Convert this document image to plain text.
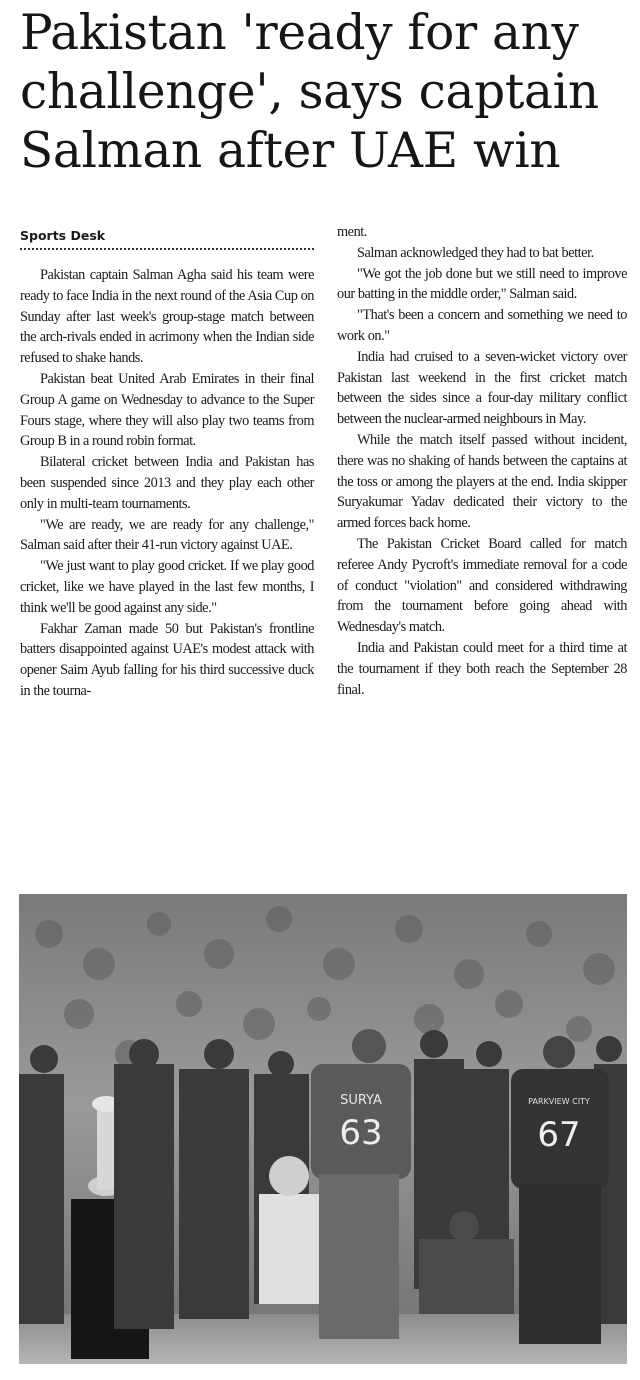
Pakistan 'ready for any challenge', says captain Salman after UAE win
Sports Desk

Pakistan captain Salman Agha said his team were ready to face India in the next round of the Asia Cup on Sunday after last week's group-stage match between the arch-rivals ended in acrimony when the Indian side refused to shake hands.

Pakistan beat United Arab Emirates in their final Group A game on Wednesday to advance to the Super Fours stage, where they will also play two teams from Group B in a round robin format.

Bilateral cricket between India and Pakistan has been suspended since 2013 and they play each other only in multi-team tournaments.

"We are ready, we are ready for any challenge," Salman said after their 41-run victory against UAE.

"We just want to play good cricket. If we play good cricket, like we have played in the last few months, I think we'll be good against any side."

Fakhar Zaman made 50 but Pakistan's frontline batters disappointed against UAE's modest attack with opener Saim Ayub falling for his third successive duck in the tourna-

ment.

Salman acknowledged they had to bat better.

"We got the job done but we still need to improve our batting in the middle order," Salman said.

"That's been a concern and something we need to work on."

India had cruised to a seven-wicket victory over Pakistan last weekend in the first cricket match between the sides since a four-day military conflict between the nuclear-armed neighbours in May.

While the match itself passed without incident, there was no shaking of hands between the captains at the toss or among the players at the end. India skipper Suryakumar Yadav dedicated their victory to the armed forces back home.

The Pakistan Cricket Board called for match referee Andy Pycroft's immediate removal for a code of conduct "violation" and considered withdrawing from the tournament before going ahead with Wednesday's match.

India and Pakistan could meet for a third time at the tournament if they both reach the September 28 final.

SURYA
63
PARKVIEW CITY
67
